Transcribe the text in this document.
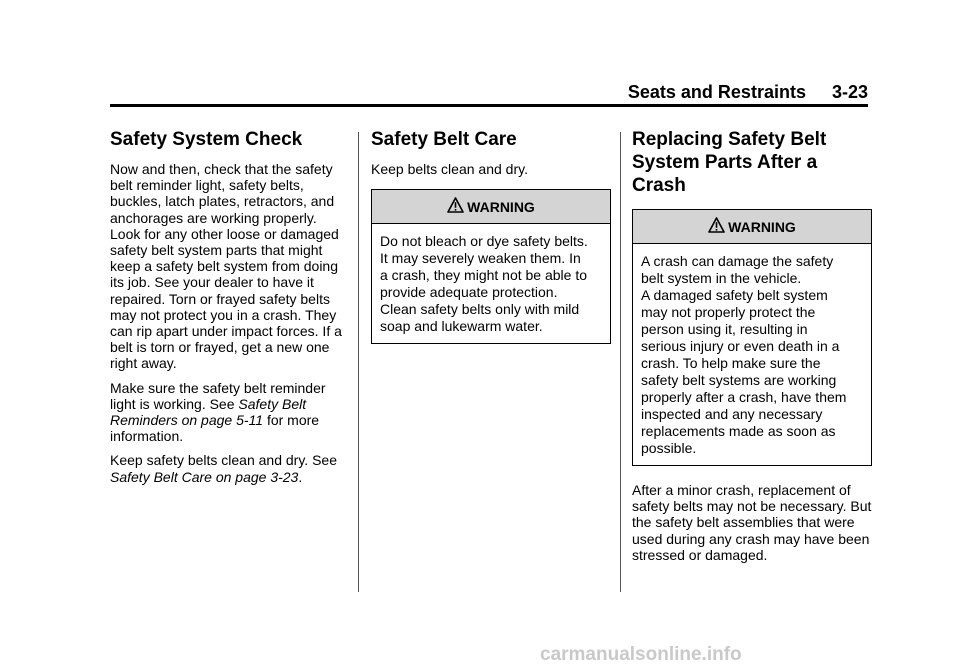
Seats and Restraints 3-23
Safety System Check

Now and then, check that the safety belt reminder light, safety belts, buckles, latch plates, retractors, and anchorages are working properly. Look for any other loose or damaged safety belt system parts that might keep a safety belt system from doing its job. See your dealer to have it repaired. Torn or frayed safety belts may not protect you in a crash. They can rip apart under impact forces. If a belt is torn or frayed, get a new one right away.

Make sure the safety belt reminder light is working. See Safety Belt Reminders on page 5-11 for more information.

Keep safety belts clean and dry. See Safety Belt Care on page 3-23.

Safety Belt Care

Keep belts clean and dry.

WARNING
Do not bleach or dye safety belts.
It may severely weaken them. In
a crash, they might not be able to
provide adequate protection.
Clean safety belts only with mild
soap and lukewarm water.
Replacing Safety Belt System Parts After a Crash
WARNING
A crash can damage the safety
belt system in the vehicle.
A damaged safety belt system
may not properly protect the
person using it, resulting in
serious injury or even death in a
crash. To help make sure the
safety belt systems are working
properly after a crash, have them
inspected and any necessary
replacements made as soon as
possible.

After a minor crash, replacement of safety belts may not be necessary. But the safety belt assemblies that were used during any crash may have been stressed or damaged.

carmanualsonline.info
